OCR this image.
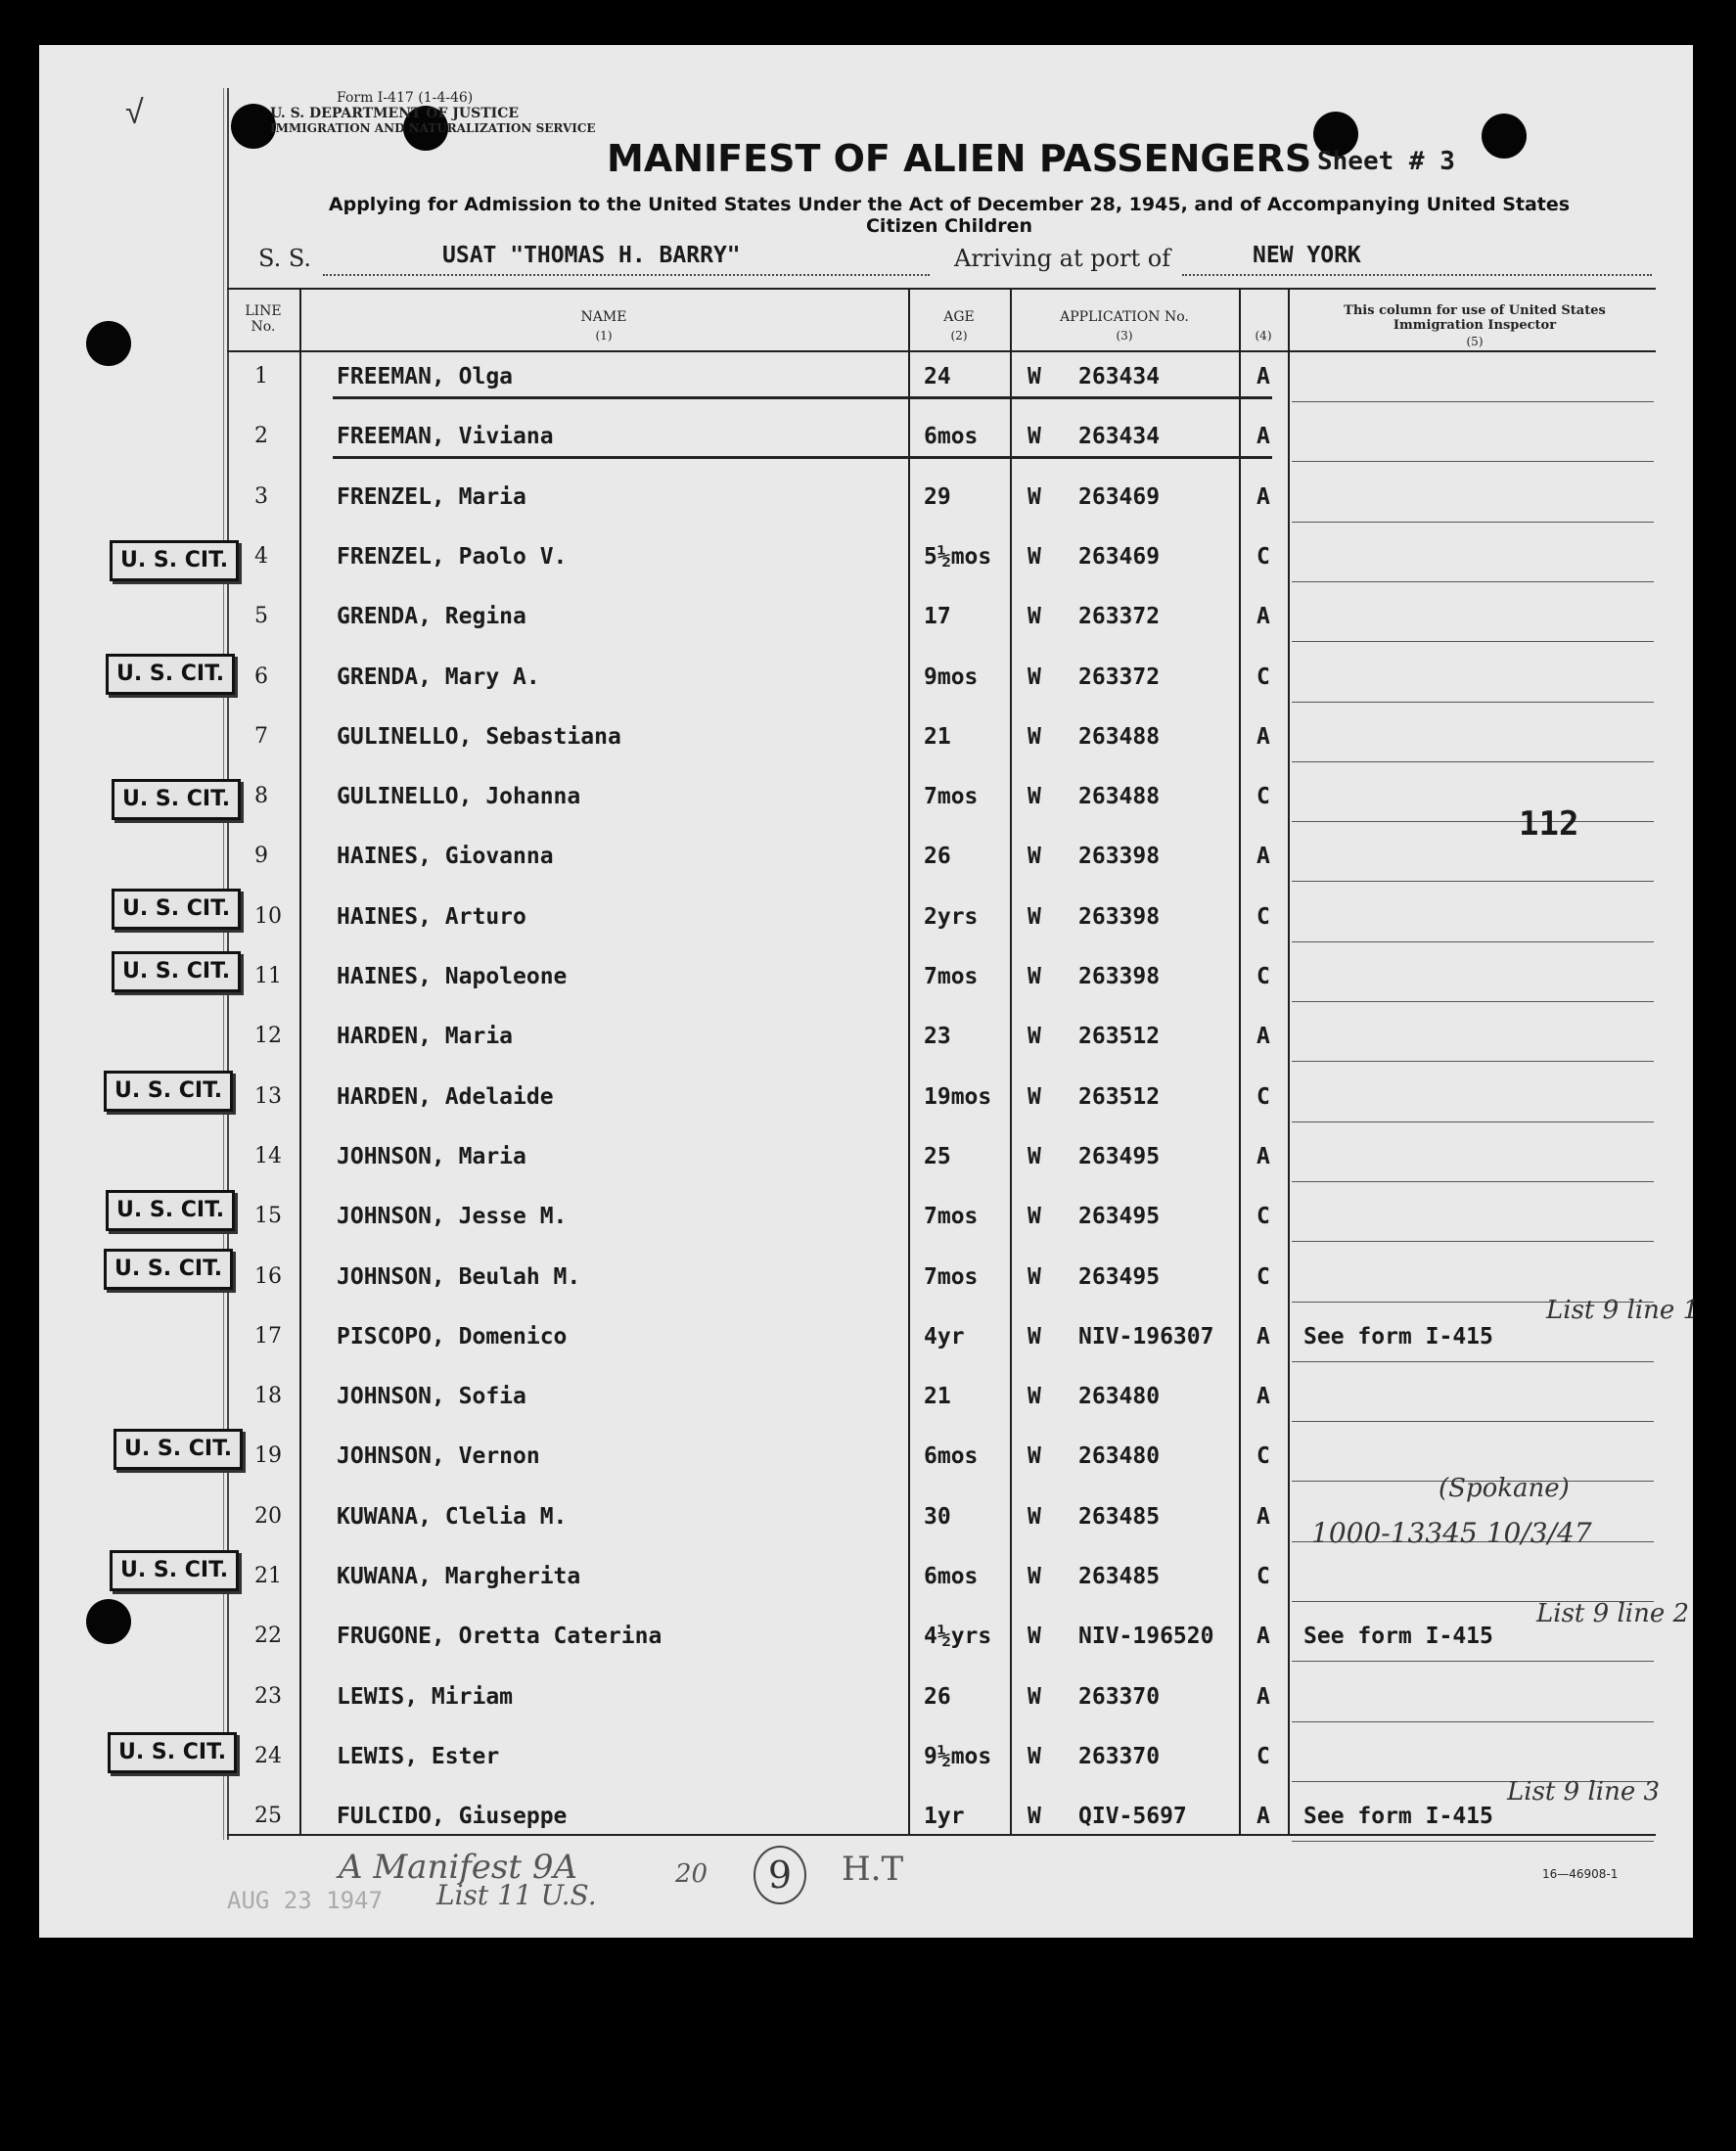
√	Form I-417 (1-4-46)
U. S. DEPARTMENT OF JUSTICE
IMMIGRATION AND NATURALIZATION SERVICE
MANIFEST OF ALIEN PASSENGERS Sheet # 3
Applying for Admission to the United States Under the Act of December 28, 1945, and of Accompanying United States Citizen Children
S. S.	USAT "THOMAS H. BARRY"	Arriving at port of	NEW YORK
LINE No.
NAME
(1)
AGE
(2)
APPLICATION No.
(3)	(4)
This column for use of United States Immigration Inspector
(5)
1	FREEMAN, Olga	24	W 263434	A
2	FREEMAN, Viviana	6mos W 263434	A
3	FRENZEL, Maria	29	W 263469	A
4	FRENZEL, Paolo V.	5½mos W 263469	C
5	GRENDA, Regina	17	W 263372	A
6	GRENDA, Mary A.	9mos W 263372	C
7	GULINELLO, Sebastiana	21	W 263488	A
8	GULINELLO, Johanna	7mos W 263488	C
9	HAINES, Giovanna	26	W 263398	A
10 HAINES, Arturo	2yrs W 263398	C
11 HAINES, Napoleone	7mos W 263398	C
12 HARDEN, Maria	23	W 263512	A
13 HARDEN, Adelaide	19mos W 263512	C
14 JOHNSON, Maria	25	W 263495	A
15 JOHNSON, Jesse M.	7mos W 263495	C
16 JOHNSON, Beulah M.	7mos W 263495	C
17 PISCOPO, Domenico	4yr	W NIV-196307 A See form I-415
18 JOHNSON, Sofia	21	W 263480	A
19 JOHNSON, Vernon	6mos W 263480	C
20 KUWANA, Clelia M.	30	W 263485	A
21 KUWANA, Margherita	6mos W 263485	C
22 FRUGONE, Oretta Caterina	4½yrs W NIV-196520 A See form I-415
23 LEWIS, Miriam	26	W 263370	A
24 LEWIS, Ester	9½mos W 263370	C
25 FULCIDO, Giuseppe	1yr	W QIV-5697	A See form I-415
U. S. CIT.
U. S. CIT.
U. S. CIT.
U. S. CIT.
U. S. CIT.
U. S. CIT.
U. S. CIT.
U. S. CIT.
U. S. CIT.
U. S. CIT.
U. S. CIT.
112
List 9 line 1
(Spokane)
1000-13345 10/3/47
List 9 line 2
List 9 line 3
16—46908-1
A Manifest 9A
List 11 U.S.
20	9	H.T
AUG 23 1947
